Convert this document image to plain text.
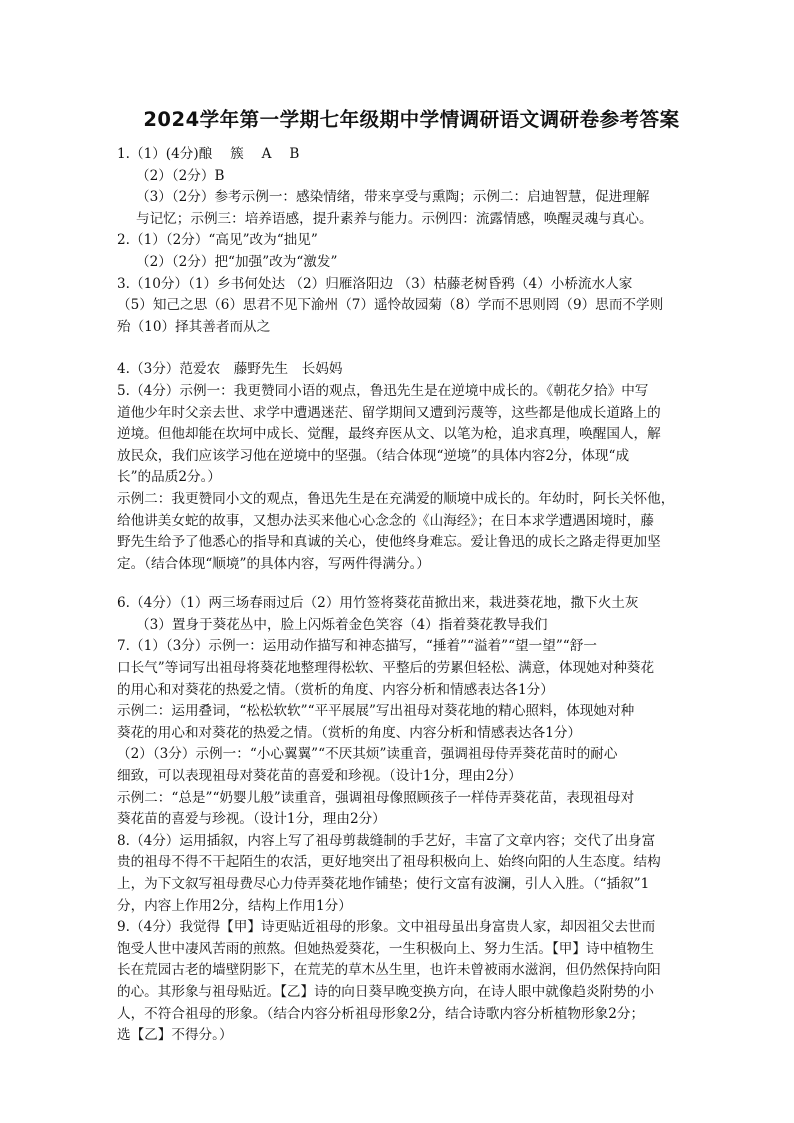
2024学年第一学期七年级期中学情调研语文调研卷参考答案

1.（1）(4分)酿　 簇　 A　 B

（2）（2分）B

（3）（2分）参考示例一：感染情绪，带来享受与熏陶；示例二：启迪智慧，促进理解

与记忆；示例三：培养语感，提升素养与能力。示例四：流露情感，唤醒灵魂与真心。

2.（1）（2分）“高见”改为“拙见”

（2）（2分）把“加强”改为“激发”

3.（10分）（1）乡书何处达 （2）归雁洛阳边 （3）枯藤老树昏鸦（4）小桥流水人家

（5）知己之思（6）思君不见下渝州（7）遥怜故园菊（8）学而不思则罔（9）思而不学则

殆（10）择其善者而从之

4.（3分）范爱农　藤野先生　长妈妈

5.（4分）示例一：我更赞同小语的观点，鲁迅先生是在逆境中成长的。《朝花夕拾》中写

道他少年时父亲去世、求学中遭遇迷茫、留学期间又遭到污蔑等，这些都是他成长道路上的

逆境。但他却能在坎坷中成长、觉醒，最终弃医从文、以笔为枪，追求真理，唤醒国人，解

放民众，我们应该学习他在逆境中的坚强。（结合体现“逆境”的具体内容2分，体现“成

长”的品质2分。）

示例二：我更赞同小文的观点，鲁迅先生是在充满爱的顺境中成长的。年幼时，阿长关怀他，

给他讲美女蛇的故事，又想办法买来他心心念念的《山海经》；在日本求学遭遇困境时，藤

野先生给予了他悉心的指导和真诚的关心，使他终身难忘。爱让鲁迅的成长之路走得更加坚

定。（结合体现“顺境”的具体内容，写两件得满分。）

6.（4分）（1）两三场春雨过后（2）用竹签将葵花苗掀出来，栽进葵花地，撒下火土灰

（3）置身于葵花丛中，脸上闪烁着金色笑容（4）指着葵花教导我们

7.（1）（3分）示例一：运用动作描写和神态描写，“捶着”“溢着”“望一望”“舒一

口长气”等词写出祖母将葵花地整理得松软、平整后的劳累但轻松、满意，体现她对种葵花

的用心和对葵花的热爱之情。（赏析的角度、内容分析和情感表达各1分）

示例二：运用叠词，“松松软软”“平平展展”写出祖母对葵花地的精心照料，体现她对种

葵花的用心和对葵花的热爱之情。（赏析的角度、内容分析和情感表达各1分）

（2）（3分）示例一：“小心翼翼”“不厌其烦”读重音，强调祖母侍弄葵花苗时的耐心

细致，可以表现祖母对葵花苗的喜爱和珍视。（设计1分，理由2分）

示例二：“总是”“奶婴儿般”读重音，强调祖母像照顾孩子一样侍弄葵花苗，表现祖母对

葵花苗的喜爱与珍视。（设计1分，理由2分）

8.（4分）运用插叙，内容上写了祖母剪裁缝制的手艺好，丰富了文章内容；交代了出身富

贵的祖母不得不干起陌生的农活，更好地突出了祖母积极向上、始终向阳的人生态度。结构

上，为下文叙写祖母费尽心力侍弄葵花地作铺垫；使行文富有波澜，引人入胜。（“插叙”1

分，内容上作用2分，结构上作用1分）

9.（4分）我觉得【甲】诗更贴近祖母的形象。文中祖母虽出身富贵人家，却因祖父去世而

饱受人世中凄风苦雨的煎熬。但她热爱葵花，一生积极向上、努力生活。【甲】诗中植物生

长在荒园古老的墙壁阴影下，在荒芜的草木丛生里，也许未曾被雨水滋润，但仍然保持向阳

的心。其形象与祖母贴近。【乙】诗的向日葵早晚变换方向，在诗人眼中就像趋炎附势的小

人，不符合祖母的形象。（结合内容分析祖母形象2分，结合诗歌内容分析植物形象2分；

选【乙】不得分。）
